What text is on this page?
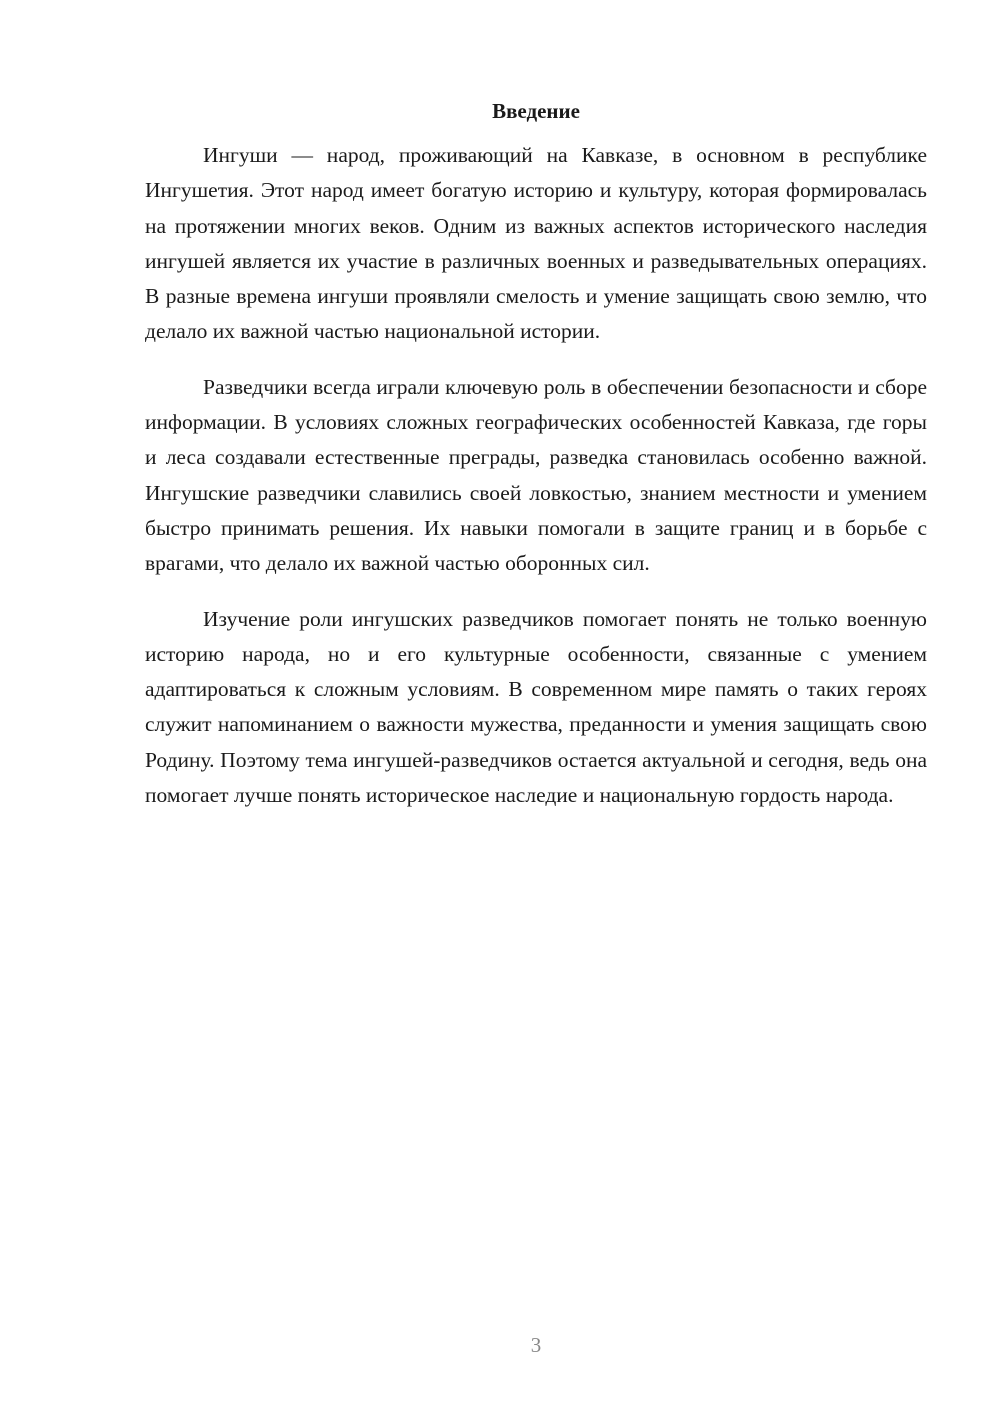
Введение

Ингуши — народ, проживающий на Кавказе, в основном в республике Ингушетия. Этот народ имеет богатую историю и культуру, которая формировалась на протяжении многих веков. Одним из важных аспектов исторического наследия ингушей является их участие в различных военных и разведывательных операциях. В разные времена ингуши проявляли смелость и умение защищать свою землю, что делало их важной частью национальной истории.

Разведчики всегда играли ключевую роль в обеспечении безопасности и сборе информации. В условиях сложных географических особенностей Кавказа, где горы и леса создавали естественные преграды, разведка становилась особенно важной. Ингушские разведчики славились своей ловкостью, знанием местности и умением быстро принимать решения. Их навыки помогали в защите границ и в борьбе с врагами, что делало их важной частью оборонных сил.

Изучение роли ингушских разведчиков помогает понять не только военную историю народа, но и его культурные особенности, связанные с умением адаптироваться к сложным условиям. В современном мире память о таких героях служит напоминанием о важности мужества, преданности и умения защищать свою Родину. Поэтому тема ингушей-разведчиков остается актуальной и сегодня, ведь она помогает лучше понять историческое наследие и национальную гордость народа.

3
